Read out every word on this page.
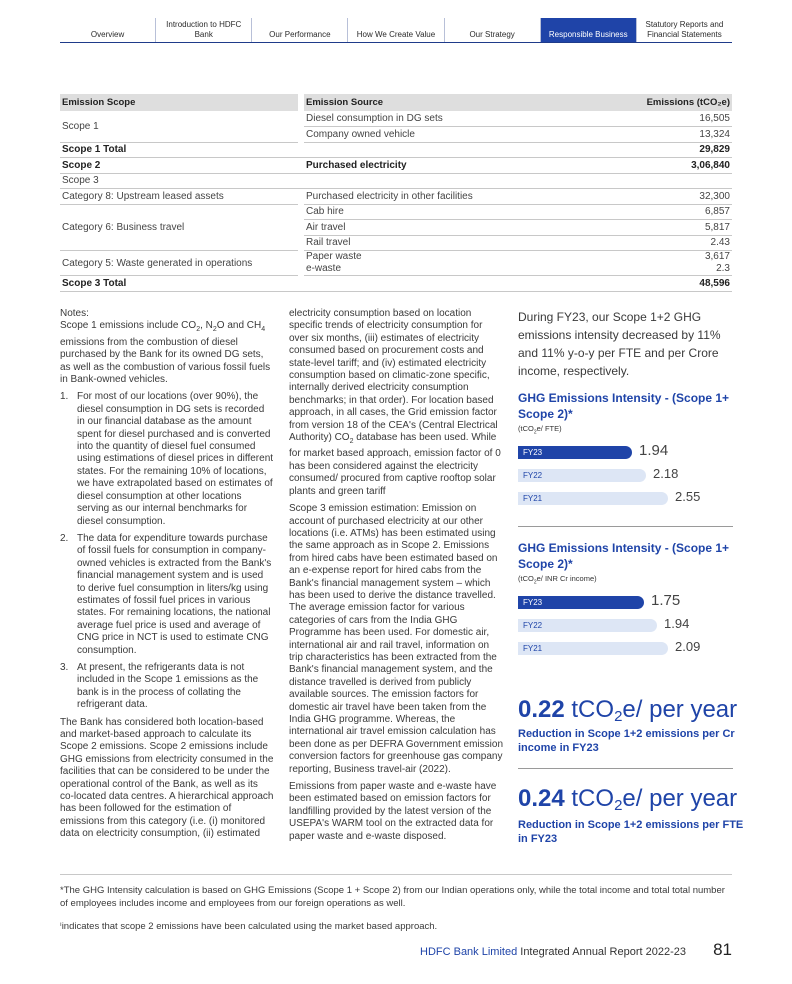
Overview
Introduction to HDFC Bank	Our Performance	How We Create Value	Our Strategy	Responsible Business
Statutory Reports and Financial Statements
Emission Scope		Emission Source	Emissions (tCO₂e)
Scope 1		Diesel consumption in DG sets	16,505
		Company owned vehicle	13,324
Scope 1 Total			29,829
Scope 2		Purchased electricity	3,06,840
Scope 3			
Category 8: Upstream leased assets		Purchased electricity in other facilities	32,300
Category 6: Business travel		Cab hire	6,857
		Air travel	5,817
		Rail travel	2.43
Category 5: Waste generated in operations		Paper waste	3,617
		e-waste	2.3
Scope 3 Total			48,596

Notes:

Scope 1 emissions include $CO_2$, $N_2O$ and $CH_4$ emissions from the combustion of diesel purchased by the Bank for its owned DG sets, as well as the combustion of various fossil fuels in Bank-owned vehicles.

1. For most of our locations (over 90%), the diesel consumption in DG sets is recorded in our financial database as the amount spent for diesel purchased and is converted into the quantity of diesel fuel consumed using estimations of diesel prices in different states. For the remaining 10% of locations, we have extrapolated based on estimates of diesel consumption at other locations serving as our internal benchmarks for diesel consumption.
2. The data for expenditure towards purchase of fossil fuels for consumption in company-owned vehicles is extracted from the Bank's financial management system and is used to derive fuel consumption in liters/kg using estimates of fossil fuel prices in various states. For remaining locations, the national average fuel price is used and average of CNG price in NCT is used to estimate CNG consumption.
3. At present, the refrigerants data is not included in the Scope 1 emissions as the bank is in the process of collating the refrigerant data.

The Bank has considered both location-based and market-based approach to calculate its Scope 2 emissions. Scope 2 emissions include GHG emissions from electricity consumed in the facilities that can be considered to be under the operational control of the Bank, as well as its co-located data centres. A hierarchical approach has been followed for the estimation of emissions from this category (i.e. (i) monitored data on electricity consumption, (ii) estimated

electricity consumption based on location specific trends of electricity consumption for over six months, (iii) estimates of electricity consumed based on procurement costs and state-level tariff; and (iv) estimated electricity consumption based on climatic-zone specific, internally derived electricity consumption benchmarks; in that order). For location based approach, in all cases, the Grid emission factor from version 18 of the CEA's (Central Electrical Authority) $CO_2$ database has been used. While for market based approach, emission factor of 0 has been considered against the electricity consumed/ procured from captive rooftop solar plants and green tariff

Scope 3 emission estimation: Emission on account of purchased electricity at our other locations (i.e. ATMs) has been estimated using the same approach as in Scope 2. Emissions from hired cabs have been estimated based on an e-expense report for hired cabs from the Bank's financial management system – which has been used to derive the distance travelled. The average emission factor for various categories of cars from the India GHG Programme has been used. For domestic air, international air and rail travel, information on trip characteristics has been extracted from the Bank's financial management system, and the distance travelled is derived from publicly available sources. The emission factors for domestic air travel have been taken from the India GHG programme. Whereas, the international air travel emission calculation has been done as per DEFRA Government emission conversion factors for greenhouse gas company reporting, Business travel-air (2022).

Emissions from paper waste and e-waste have been estimated based on emission factors for landfilling provided by the latest version of the USEPA's WARM tool on the extracted data for paper waste and e-waste disposed.

During FY23, our Scope 1+2 GHG emissions intensity decreased by 11% and 11% y-o-y per FTE and per Crore income, respectively.
GHG Emissions Intensity - (Scope 1+ Scope 2)*
(tCO$_2$e/ FTE)
FY23	1.94
FY22	2.18
FY21	2.55
GHG Emissions Intensity - (Scope 1+ Scope 2)*
(tCO$_2$e/ INR Cr income)
FY23	1.75
FY22	1.94
FY21	2.09
0.22 tCO$_2$e/ per year
Reduction in Scope 1+2 emissions per Cr income in FY23
0.24 tCO$_2$e/ per year
Reduction in Scope 1+2 emissions per FTE in FY23
*The GHG Intensity calculation is based on GHG Emissions (Scope 1 + Scope 2) from our Indian operations only, while the total income and total total number of employees includes income and employees from our foreign operations as well.
ⁱindicates that scope 2 emissions have been calculated using the market based approach.
HDFC Bank Limited Integrated Annual Report 2022-23 81
